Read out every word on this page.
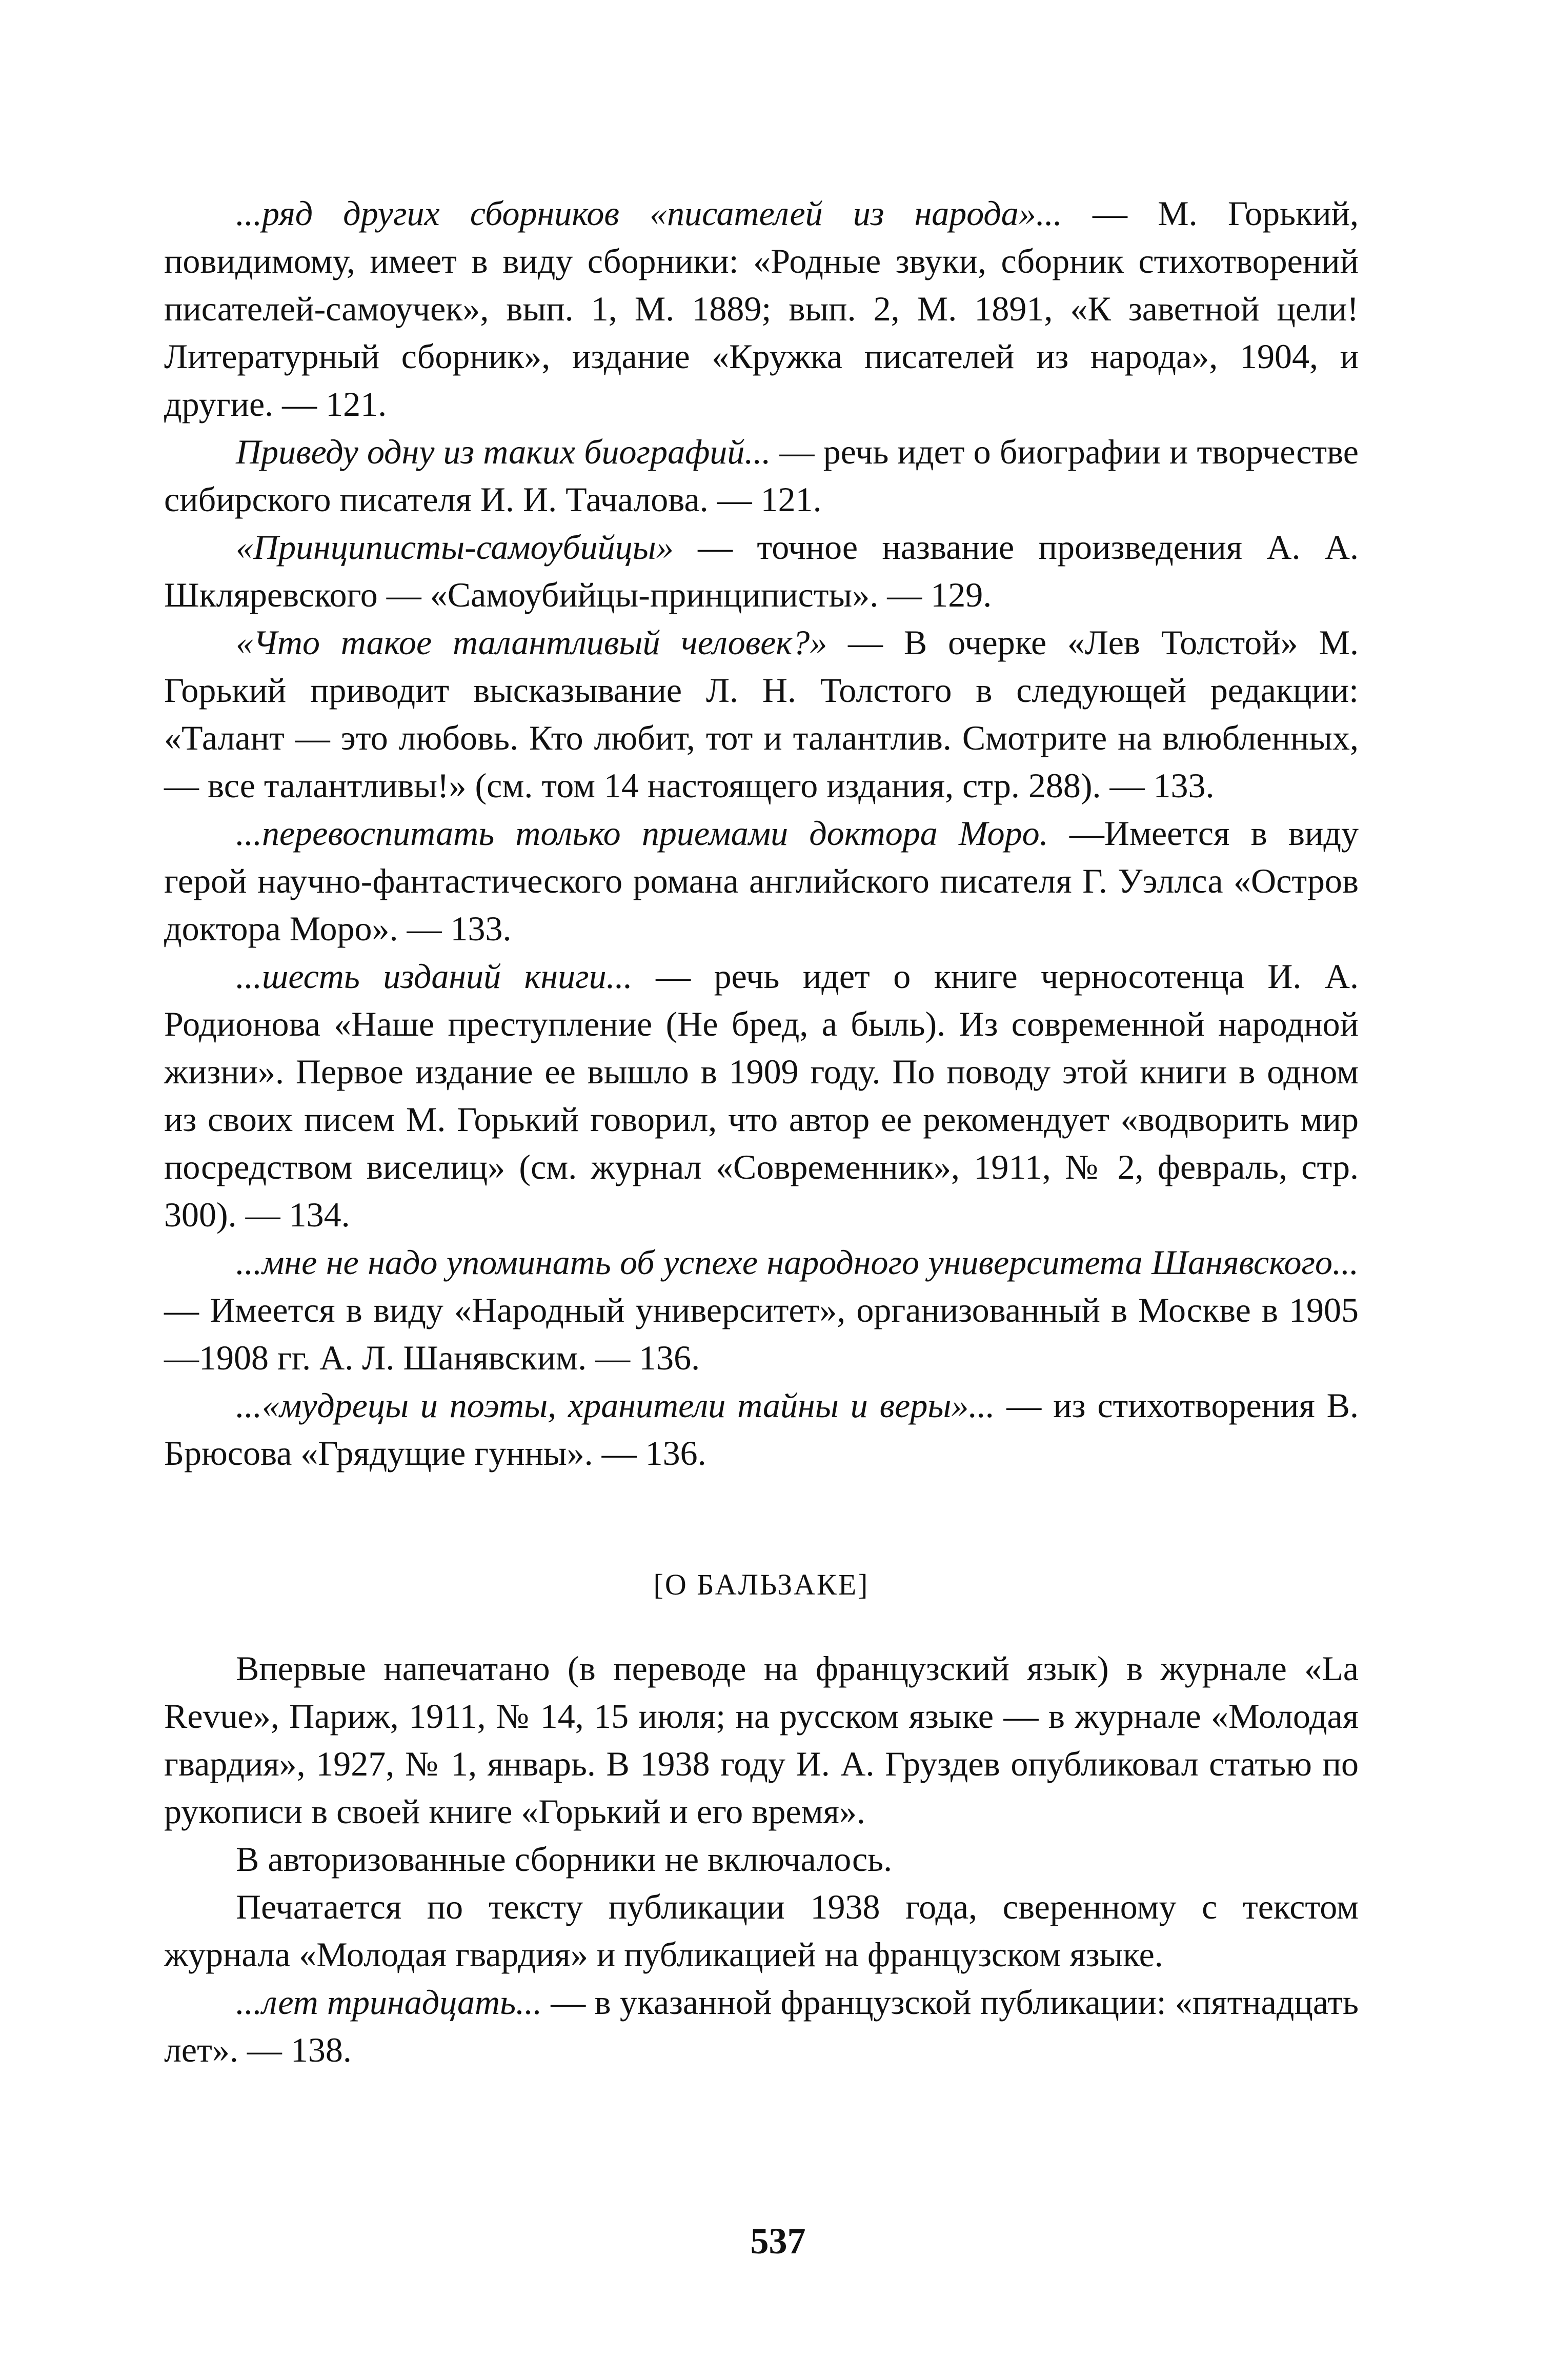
...ряд других сборников «писателей из народа»... — М. Горький, повидимому, имеет в виду сборники: «Родные звуки, сборник стихотворений писателей-самоучек», вып. 1, М. 1889; вып. 2, М. 1891, «К заветной цели! Литературный сборник», издание «Кружка писателей из народа», 1904, и другие. — 121.

Приведу одну из таких биографий... — речь идет о биографии и творчестве сибирского писателя И. И. Тачалова. — 121.

«Принциписты-самоубийцы» — точное название произведения А. А. Шкляревского — «Самоубийцы-принциписты». — 129.

«Что такое талантливый человек?» — В очерке «Лев Толстой» М. Горький приводит высказывание Л. Н. Толстого в следующей редакции: «Талант — это любовь. Кто любит, тот и талантлив. Смотрите на влюбленных, — все талантливы!» (см. том 14 настоящего издания, стр. 288). — 133.

...перевоспитать только приемами доктора Моро. —Имеется в виду герой научно-фантастического романа английского писателя Г. Уэллса «Остров доктора Моро». — 133.

...шесть изданий книги... — речь идет о книге черносотенца И. А. Родионова «Наше преступление (Не бред, а быль). Из современной народной жизни». Первое издание ее вышло в 1909 году. По поводу этой книги в одном из своих писем М. Горький говорил, что автор ее рекомендует «водворить мир посредством виселиц» (см. журнал «Современник», 1911, № 2, февраль, стр. 300). — 134.

...мне не надо упоминать об успехе народного университета Шанявского... — Имеется в виду «Народный университет», организованный в Москве в 1905—1908 гг. А. Л. Шанявским. — 136.

...«мудрецы и поэты, хранители тайны и веры»... — из стихотворения В. Брюсова «Грядущие гунны». — 136.

[О БАЛЬЗАКЕ]

Впервые напечатано (в переводе на французский язык) в журнале «La Revue», Париж, 1911, № 14, 15 июля; на русском языке — в журнале «Молодая гвардия», 1927, № 1, январь. В 1938 году И. А. Груздев опубликовал статью по рукописи в своей книге «Горький и его время».

В авторизованные сборники не включалось.

Печатается по тексту публикации 1938 года, сверенному с текстом журнала «Молодая гвардия» и публикацией на французском языке.

...лет тринадцать... — в указанной французской публикации: «пятнадцать лет». — 138.

537
